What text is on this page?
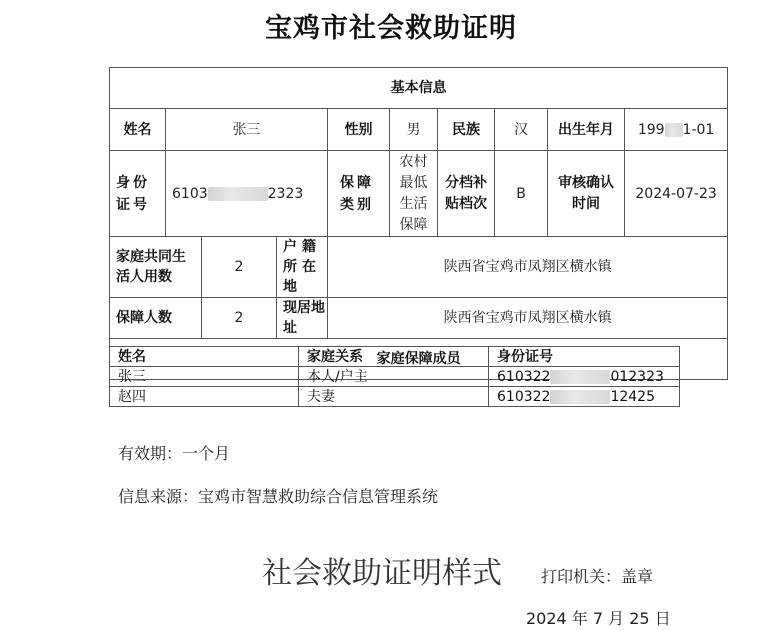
宝鸡市社会救助证明
基本信息									
姓名	张三			性别	男	民族	汉	出生年月	199 1-01
身份证号	6103 2323			保障类别	农村最低生活保障	分档补贴档次	B	审核确认时间	2024-07-23
家庭共同生活人用数		2	户籍所在地	陕西省宝鸡市凤翔区横水镇					
保障人数		2	现居地址	陕西省宝鸡市凤翔区横水镇					
家庭保障成员									
姓名	家庭关系	身份证号
张三	本人/户主	610322 012323
赵四	夫妻	610322 12425
有效期：一个月
信息来源：宝鸡市智慧救助综合信息管理系统
社会救助证明样式 打印机关：盖章
2024 年 7 月 25 日
